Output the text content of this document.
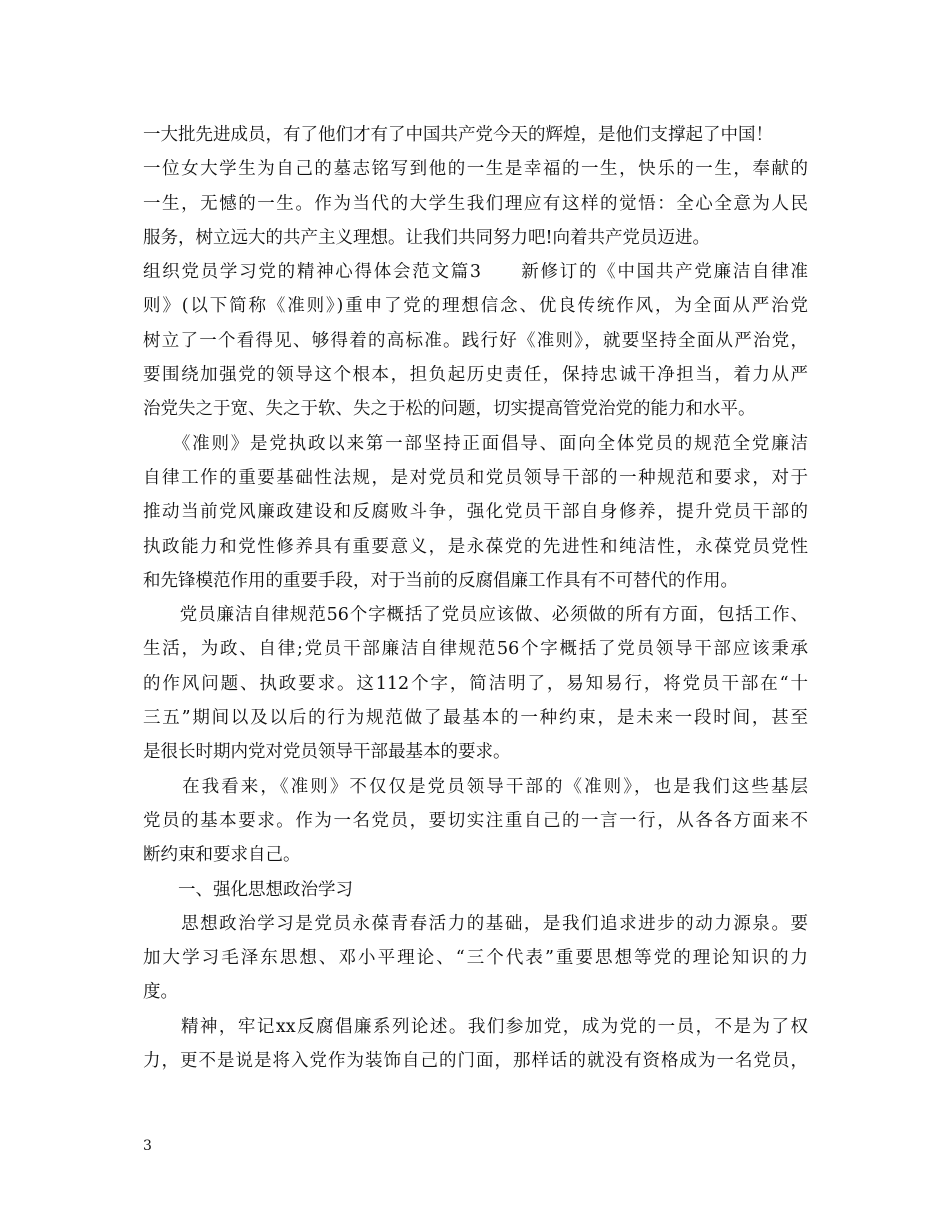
一大批先进成员，有了他们才有了中国共产党今天的辉煌，是他们支撑起了中国！
一位女大学生为自己的墓志铭写到他的一生是幸福的一生，快乐的一生，奉献的
一生，无憾的一生。作为当代的大学生我们理应有这样的觉悟：全心全意为人民
服务，树立远大的共产主义理想。让我们共同努力吧!向着共产党员迈进。
组织党员学习党的精神心得体会范文篇3　　新修订的《中国共产党廉洁自律准
则》(以下简称《准则》)重申了党的理想信念、优良传统作风，为全面从严治党
树立了一个看得见、够得着的高标准。践行好《准则》，就要坚持全面从严治党，
要围绕加强党的领导这个根本，担负起历史责任，保持忠诚干净担当，着力从严
治党失之于宽、失之于软、失之于松的问题，切实提高管党治党的能力和水平。
　　《准则》是党执政以来第一部坚持正面倡导、面向全体党员的规范全党廉洁
自律工作的重要基础性法规，是对党员和党员领导干部的一种规范和要求，对于
推动当前党风廉政建设和反腐败斗争，强化党员干部自身修养，提升党员干部的
执政能力和党性修养具有重要意义，是永葆党的先进性和纯洁性，永葆党员党性
和先锋模范作用的重要手段，对于当前的反腐倡廉工作具有不可替代的作用。
　　党员廉洁自律规范56个字概括了党员应该做、必须做的所有方面，包括工作、
生活，为政、自律;党员干部廉洁自律规范56个字概括了党员领导干部应该秉承
的作风问题、执政要求。这112个字，简洁明了，易知易行，将党员干部在“十
三五”期间以及以后的行为规范做了最基本的一种约束，是未来一段时间，甚至
是很长时期内党对党员领导干部最基本的要求。
　　在我看来，《准则》不仅仅是党员领导干部的《准则》，也是我们这些基层
党员的基本要求。作为一名党员，要切实注重自己的一言一行，从各各方面来不
断约束和要求自己。
　　一、强化思想政治学习
　　思想政治学习是党员永葆青春活力的基础，是我们追求进步的动力源泉。要
加大学习毛泽东思想、邓小平理论、“三个代表”重要思想等党的理论知识的力
度。
　　精神，牢记xx反腐倡廉系列论述。我们参加党，成为党的一员，不是为了权
力，更不是说是将入党作为装饰自己的门面，那样话的就没有资格成为一名党员，
3
